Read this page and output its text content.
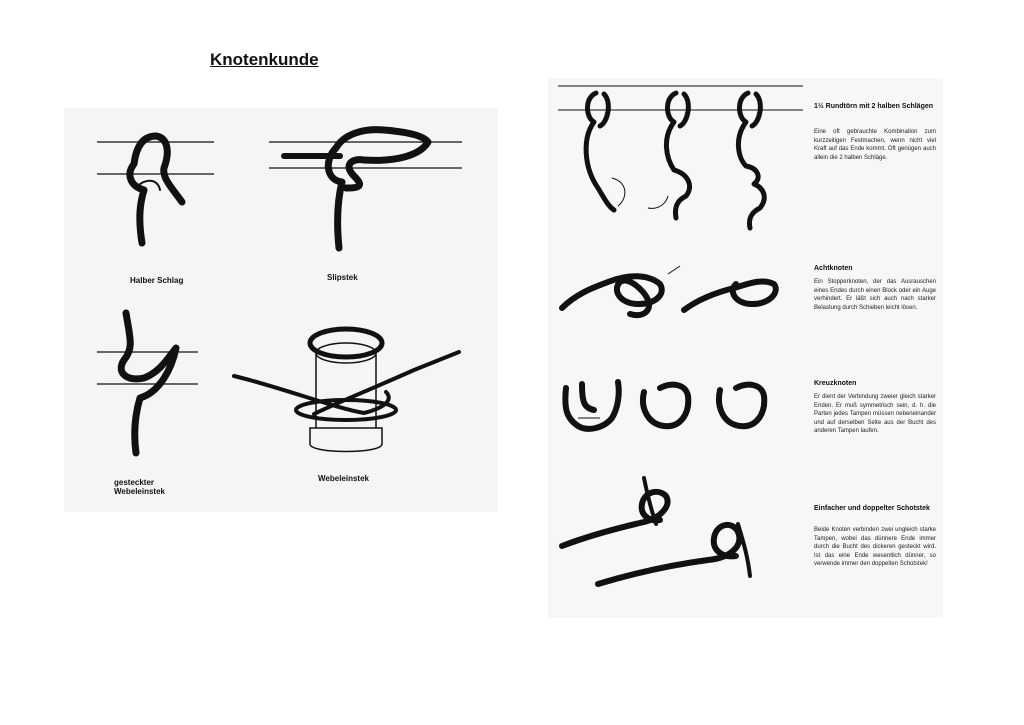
Knotenkunde
Halber Schlag	Slipstek
gesteckter
Webeleinstek
Webeleinstek
1½ Rundtörn mit 2 halben Schlägen
Eine oft gebrauchte Kombination zum kurzzeitigen Festmachen, wenn nicht viel Kraft auf das Ende kommt. Oft genügen auch allein die 2 halben Schläge.
Achtknoten
Ein Stopperknoten, der das Ausrauschen eines Endes durch einen Block oder ein Auge verhindert. Er läßt sich auch nach starker Belastung durch Schieben leicht lösen.
Kreuzknoten
Er dient der Verbindung zweier gleich starker Enden. Er muß symmetrisch sein, d. h. die Parten jedes Tampen müssen nebeneinander und auf derselben Seite aus der Bucht des anderen Tampen laufen.
Einfacher und doppelter Schotstek
Beide Knoten verbinden zwei ungleich starke Tampen, wobei das dünnere Ende immer durch die Bucht des dickeren gesteckt wird. Ist das eine Ende wesentlich dünner, so verwende immer den doppelten Schotstek!
